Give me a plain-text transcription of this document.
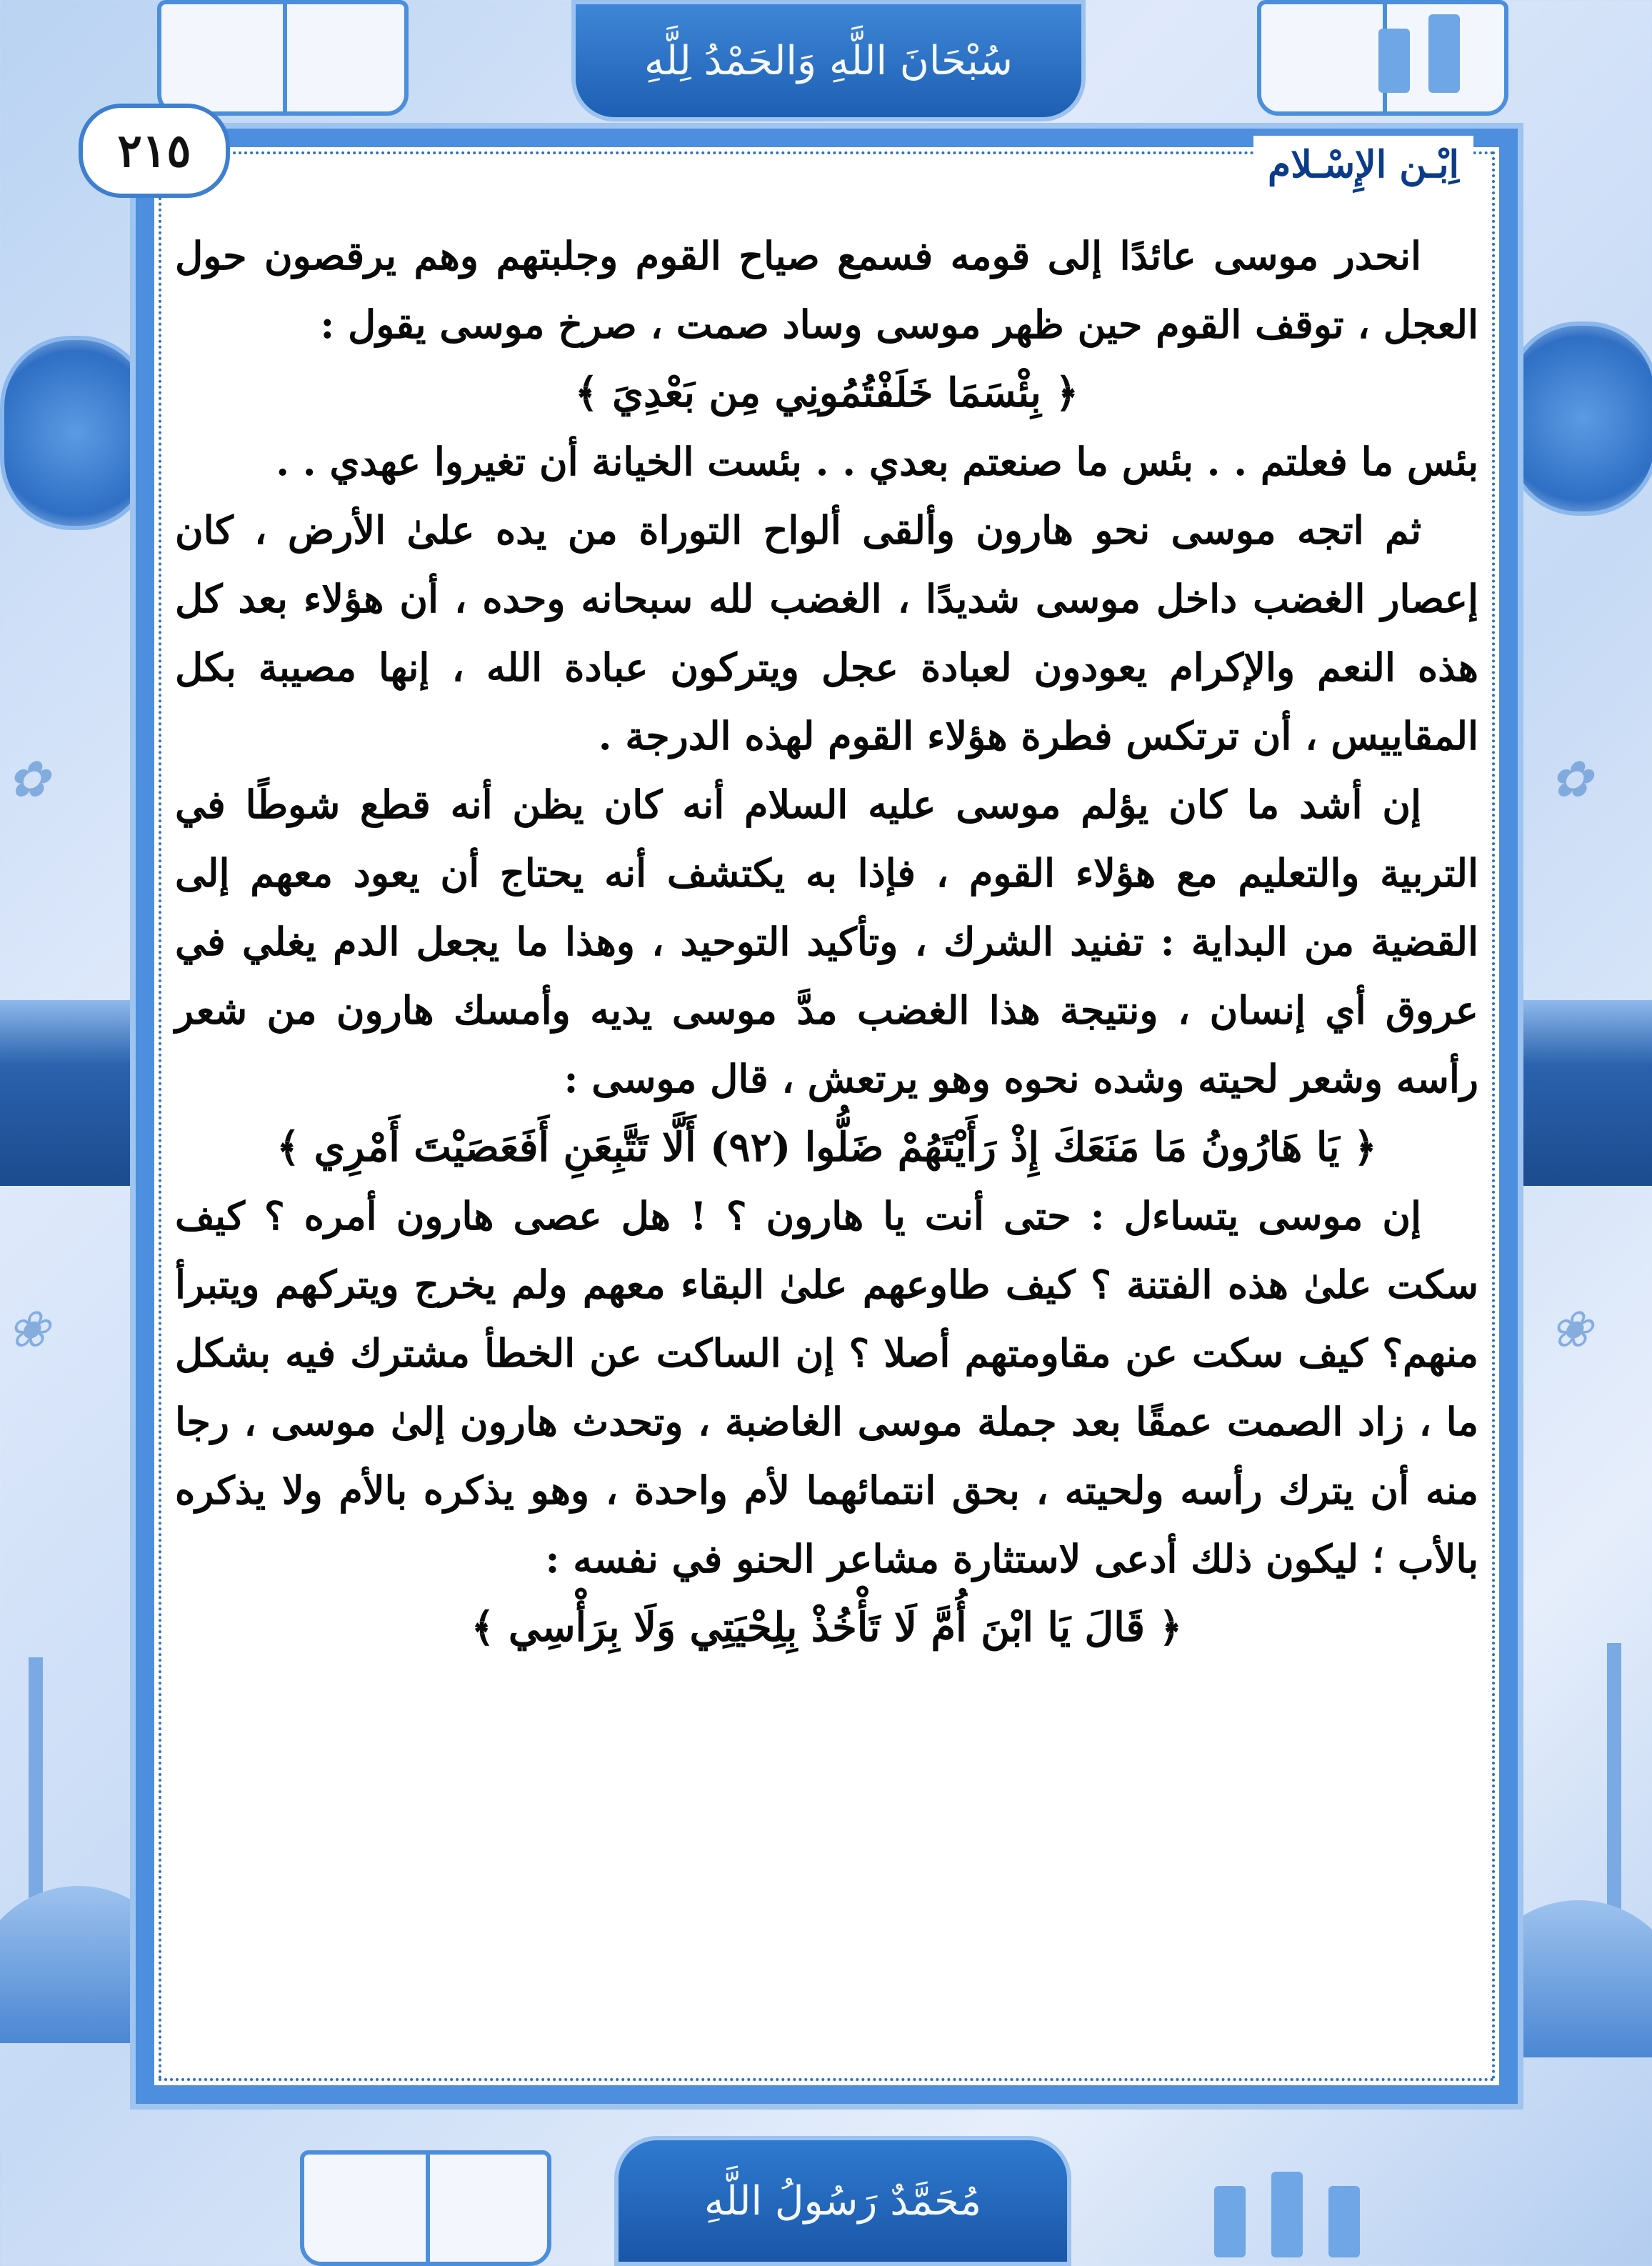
سُبْحَانَ اللَّهِ وَالحَمْدُ لِلَّهِ
✿	✿
❀	❀
مُحَمَّدٌ رَسُولُ اللَّهِ
٢١٥	اِبْـن الإِسْـلام

انحدر موسى عائدًا إلى قومه فسمع صياح القوم وجلبتهم وهم يرقصون حول العجل ، توقف القوم حين ظهر موسى وساد صمت ، صرخ موسى يقول :

﴿ بِئْسَمَا خَلَفْتُمُونِي مِن بَعْدِيَ ﴾

بئس ما فعلتم . . بئس ما صنعتم بعدي . . بئست الخيانة أن تغيروا عهدي . .

ثم اتجه موسى نحو هارون وألقى ألواح التوراة من يده علىٰ الأرض ، كان إعصار الغضب داخل موسى شديدًا ، الغضب لله سبحانه وحده ، أن هؤلاء بعد كل هذه النعم والإكرام يعودون لعبادة عجل ويتركون عبادة الله ، إنها مصيبة بكل المقاييس ، أن ترتكس فطرة هؤلاء القوم لهذه الدرجة .

إن أشد ما كان يؤلم موسى عليه السلام أنه كان يظن أنه قطع شوطًا في التربية والتعليم مع هؤلاء القوم ، فإذا به يكتشف أنه يحتاج أن يعود معهم إلى القضية من البداية : تفنيد الشرك ، وتأكيد التوحيد ، وهذا ما يجعل الدم يغلي في عروق أي إنسان ، ونتيجة هذا الغضب مدَّ موسى يديه وأمسك هارون من شعر رأسه وشعر لحيته وشده نحوه وهو يرتعش ، قال موسى :

﴿ يَا هَارُونُ مَا مَنَعَكَ إِذْ رَأَيْتَهُمْ ضَلُّوا (٩٢) أَلَّا تَتَّبِعَنِ أَفَعَصَيْتَ أَمْرِي ﴾

إن موسى يتساءل : حتى أنت يا هارون ؟ ! هل عصى هارون أمره ؟ كيف سكت علىٰ هذه الفتنة ؟ كيف طاوعهم علىٰ البقاء معهم ولم يخرج ويتركهم ويتبرأ منهم؟ كيف سكت عن مقاومتهم أصلا ؟ إن الساكت عن الخطأ مشترك فيه بشكل ما ، زاد الصمت عمقًا بعد جملة موسى الغاضبة ، وتحدث هارون إلىٰ موسى ، رجا منه أن يترك رأسه ولحيته ، بحق انتمائهما لأم واحدة ، وهو يذكره بالأم ولا يذكره بالأب ؛ ليكون ذلك أدعى لاستثارة مشاعر الحنو في نفسه :

﴿ قَالَ يَا ابْنَ أُمَّ لَا تَأْخُذْ بِلِحْيَتِي وَلَا بِرَأْسِي ﴾
